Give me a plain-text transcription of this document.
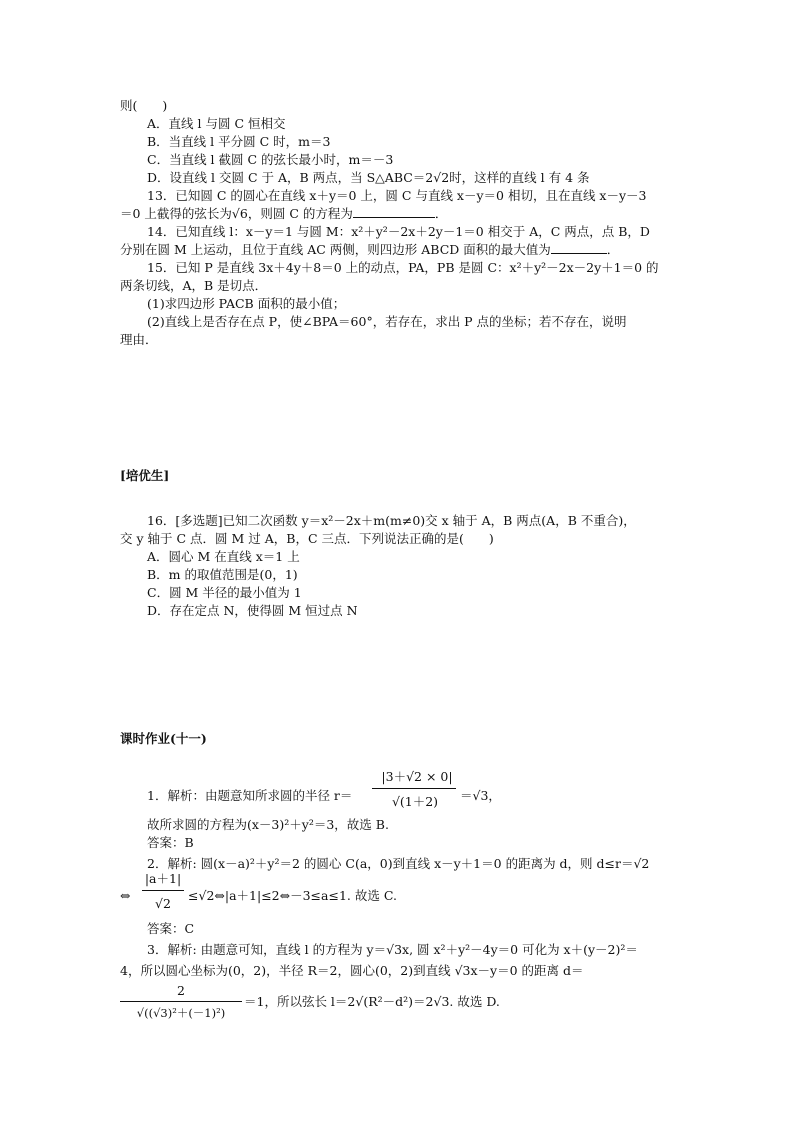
则(　　)
A．直线 l 与圆 C 恒相交
B．当直线 l 平分圆 C 时，m＝3
C．当直线 l 截圆 C 的弦长最小时，m＝－3
D．设直线 l 交圆 C 于 A，B 两点，当 S△ABC＝2√2时，这样的直线 l 有 4 条
13．已知圆 C 的圆心在直线 x＋y＝0 上，圆 C 与直线 x－y＝0 相切，且在直线 x－y－3
＝0 上截得的弦长为√6，则圆 C 的方程为	．
14．已知直线 l：x－y＝1 与圆 M：x²＋y²－2x＋2y－1＝0 相交于 A，C 两点，点 B，D
分别在圆 M 上运动，且位于直线 AC 两侧，则四边形 ABCD 面积的最大值为	．
15．已知 P 是直线 3x＋4y＋8＝0 上的动点，PA，PB 是圆 C：x²＋y²－2x－2y＋1＝0 的
两条切线，A，B 是切点．
(1)求四边形 PACB 面积的最小值；
(2)直线上是否存在点 P，使∠BPA＝60°，若存在，求出 P 点的坐标；若不存在，说明
理由．
[培优生]
16．[多选题]已知二次函数 y＝x²－2x＋m(m≠0)交 x 轴于 A，B 两点(A，B 不重合)，
交 y 轴于 C 点．圆 M 过 A，B，C 三点．下列说法正确的是(　　)
A．圆心 M 在直线 x＝1 上
B．m 的取值范围是(0，1)
C．圆 M 半径的最小值为 1
D．存在定点 N，使得圆 M 恒过点 N
课时作业(十一)
1．解析：由题意知所求圆的半径 r＝
|3＋√2 × 0|
√(1＋2)	＝√3，
故所求圆的方程为(x－3)²＋y²＝3，故选 B.
答案：B
2．解析: 圆(x－a)²＋y²＝2 的圆心 C(a，0)到直线 x－y＋1＝0 的距离为 d，则 d≤r＝√2
⇔
|a＋1|
√2
≤√2⇔|a＋1|≤2⇔－3≤a≤1. 故选 C.
答案：C
3．解析: 由题意可知，直线 l 的方程为 y＝√3x, 圆 x²＋y²－4y＝0 可化为 x＋(y－2)²＝
4，所以圆心坐标为(0，2)，半径 R＝2，圆心(0，2)到直线 √3x－y＝0 的距离 d＝
2
√((√3)²＋(－1)²)
＝1，所以弦长 l＝2√(R²－d²)＝2√3. 故选 D.
